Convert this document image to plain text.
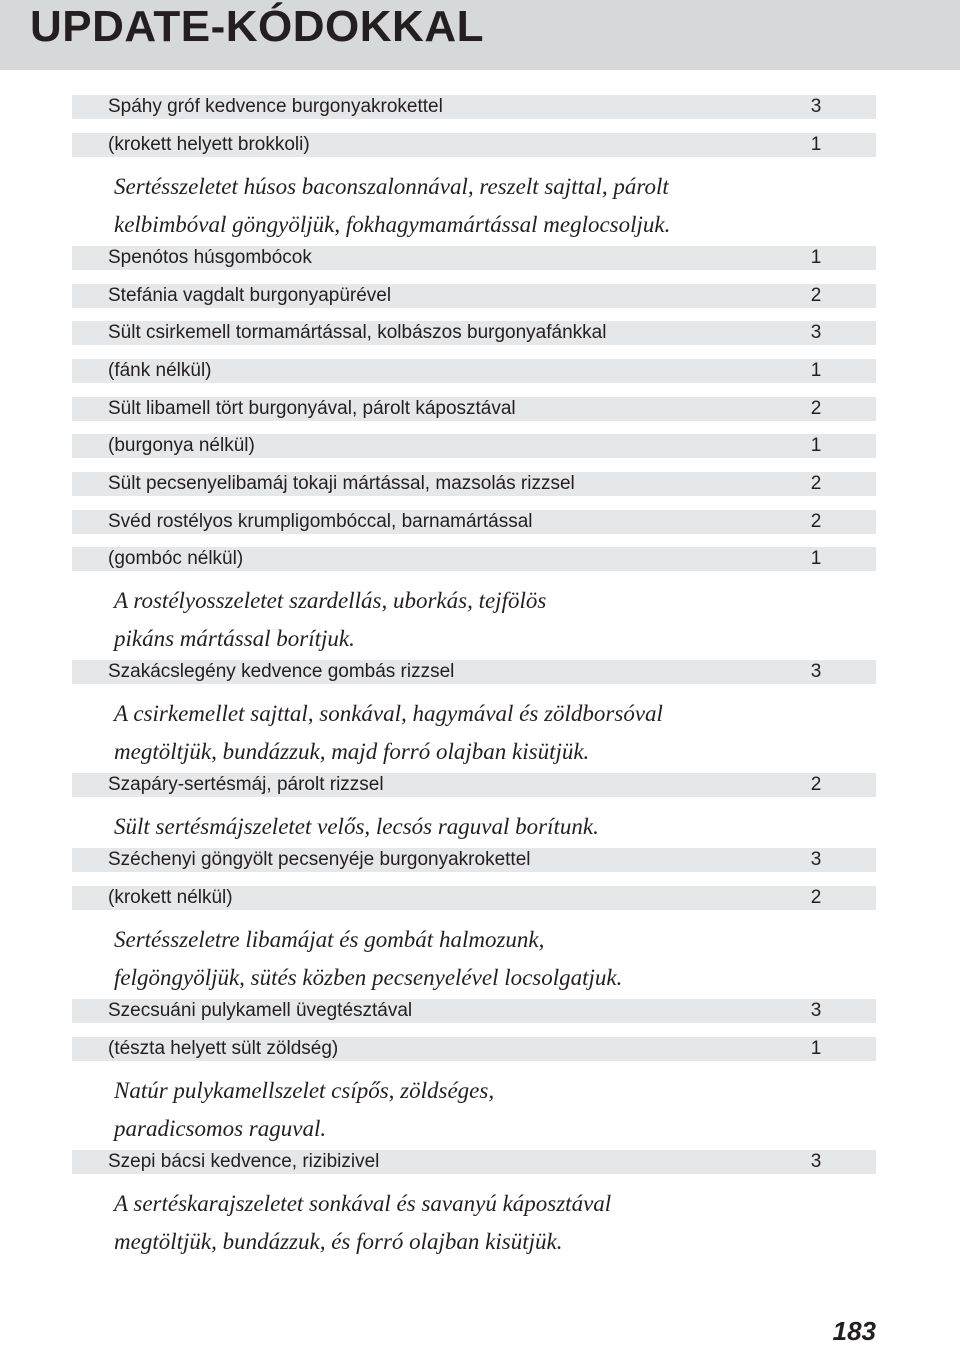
UPDATE-KÓDOKKAL
Spáhy gróf kedvence burgonyakrokettel	3
(krokett helyett brokkoli)	1
Sertésszeletet húsos baconszalonnával, reszelt sajttal, párolt
kelbimbóval göngyöljük, fokhagymamártással meglocsoljuk.
Spenótos húsgombócok	1
Stefánia vagdalt burgonyapürével	2
Sült csirkemell tormamártással, kolbászos burgonyafánkkal	3
(fánk nélkül)	1
Sült libamell tört burgonyával, párolt káposztával	2
(burgonya nélkül)	1
Sült pecsenyelibamáj tokaji mártással, mazsolás rizzsel	2
Svéd rostélyos krumpligombóccal, barnamártással	2
(gombóc nélkül)	1
A rostélyosszeletet szardellás, uborkás, tejfölös
pikáns mártással borítjuk.
Szakácslegény kedvence gombás rizzsel	3
A csirkemellet sajttal, sonkával, hagymával és zöldborsóval
megtöltjük, bundázzuk, majd forró olajban kisütjük.
Szapáry-sertésmáj, párolt rizzsel	2
Sült sertésmájszeletet velős, lecsós raguval borítunk.
Széchenyi göngyölt pecsenyéje burgonyakrokettel	3
(krokett nélkül)	2
Sertésszeletre libamájat és gombát halmozunk,
felgöngyöljük, sütés közben pecsenyelével locsolgatjuk.
Szecsuáni pulykamell üvegtésztával	3
(tészta helyett sült zöldség)	1
Natúr pulykamellszelet csípős, zöldséges,
paradicsomos raguval.
Szepi bácsi kedvence, rizibizivel	3
A sertéskarajszeletet sonkával és savanyú káposztával
megtöltjük, bundázzuk, és forró olajban kisütjük.
183
